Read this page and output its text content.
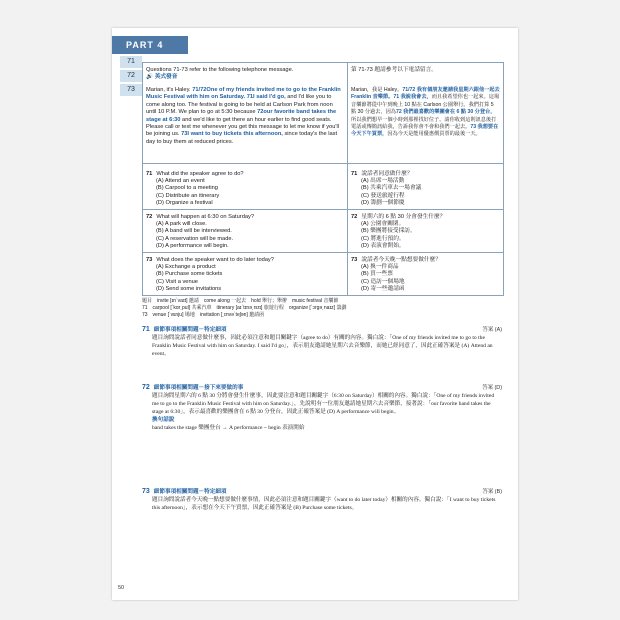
PART 4
71
72
73
Questions 71-73 refer to the following telephone message.
🔊 英式發音
Marian, it's Haley. 71/72One of my friends invited me to go to the Franklin Music Festival with him on Saturday. 71I said I'd go, and I'd like you to come along too. The festival is going to be held at Carlson Park from noon until 10 P.M. We plan to go at 5:30 because 72our favorite band takes the stage at 6:30 and we'd like to get there an hour earlier to find good seats. Please call or text me whenever you get this message to let me know if you'll be joining us. 73I want to buy tickets this afternoon, since today's the last day to buy them at reduced prices.
71 What did the speaker agree to do?
(A) Attend an event
(B) Carpool to a meeting
(C) Distribute an itinerary
(D) Organize a festival
72 What will happen at 6:30 on Saturday?
(A) A park will close.
(B) A band will be interviewed.
(C) A reservation will be made.
(D) A performance will begin.
73 What does the speaker want to do later today?
(A) Exchange a product
(B) Purchase some tickets
(C) Visit a venue
(D) Send some invitations
第 71-73 題請參考以下電話留言。
Marian，我是 Haley。71/72 我有個朋友邀請我星期六跟他一起去 Franklin 音樂節。71 我說我會去，而且我希望你也一起來。這場音樂節將從中午到晚上 10 點在 Carlson 公園舉行。我們打算 5 點 30 分過去，因為72 我們最喜歡的樂團會在 6 點 30 分登台，所以我們想早一個小時到那裡找好位子。請你收到這則訊息後打電話或傳簡訊給我，告訴我你會不會和我們一起去。73 我想要在今天下午買票，因為今天是能用優惠價買票的最後一天。
71 說話者同意做什麼？
(A) 出席一場活動
(B) 共乘汽車去一場會議
(C) 發送旅遊行程
(D) 籌劃一個節慶
72 星期六的 6 點 30 分會發生什麼？
(A) 公園會關閉。
(B) 樂團將接受採訪。
(C) 將進行預約。
(D) 表演會開始。
73 說話者今天晚一點想要做什麼？
(A) 換一件商品
(B) 買一些票
(C) 造訪一個場地
(D) 寄一些邀請函
題目　invite [ɪn`vaɪt] 邀請　come along 一起去　hold 舉行；舉辦　music festival 音樂節
71　carpool [`kɑr͵pul] 共乘汽車　itinerary [aɪ`tɪnə͵rɛrɪ] 旅遊行程　organize [`ɔrgə͵naɪz] 籌劃
73　venue [`vɛnju] 場地　invitation [͵ɪnvə`teʃən] 邀請函
71 細節事項相關問題－特定細項	答案 (A)
題目詢問說話者同意做什麼事，因此必須注意和題目關鍵字（agree to do）有關的內容。獨白說：「One of my friends invited me to go to the Franklin Music Festival with him on Saturday. I said I'd go」，表示朋友邀請她星期六去音樂節，而她已經同意了，因此正確答案是 (A) Attend an event。
72 細節事項相關問題－接下來要做的事	答案 (D)
題目詢問星期六的 6 點 30 分將會發生什麼事，因此要注意和題目關鍵字（6:30 on Saturday）相關的內容。獨白說：「One of my friends invited me to go to the Franklin Music Festival with him on Saturday.」，先說明有一位朋友邀請她星期六去音樂節，接著說：「our favorite band takes the stage at 6:30」，表示最喜歡的樂團會在 6 點 30 分登台，因此正確答案是 (D) A performance will begin。
換句話說
band takes the stage 樂團登台 → A performance ~ begin 表演開始
73 細節事項相關問題－特定細項	答案 (B)
題目詢問說話者今天晚一點想要做什麼事情，因此必須注意和題目關鍵字（want to do later today）相關的內容。獨白說：「I want to buy tickets this afternoon」，表示想在今天下午買票，因此正確答案是 (B) Purchase some tickets。
50
